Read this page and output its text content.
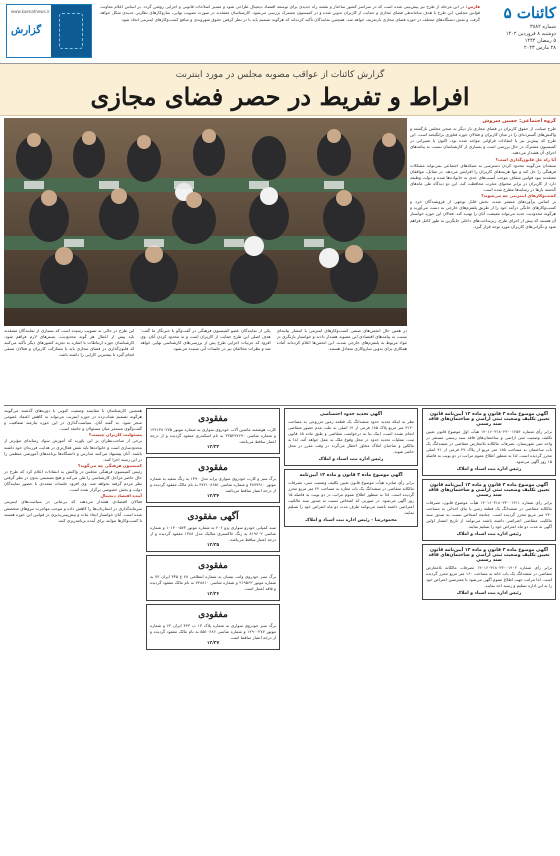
کائنات ۵
شماره ۳۸۸۲
دوشنبه ۸ فروردین ۱۴۰۲
۵ رمضان ۱۴۴۴
۲۸ مارس ۲۰۲۳
فارس: در این مرحله از طرح نیز پیش‌بینی شده است که در سراسر کشور ساختار و نقشه راه جدیدی برای توسعه اقتصاد دیجیتال طراحی شود و مسیر اصلاحات قانونی و اجرایی روشن گردد. بر اساس اعلام معاونت قوانین مجلس، این طرح با هدف ساماندهی فضای مجازی و حمایت از کاربران تدوین شده و در کمیسیون مشترک بررسی می‌شود. کارشناسان معتقدند در صورت تصویب نهایی، سازوکارهای نظارتی جدیدی شکل خواهد گرفت و نقش دستگاه‌های مختلف در حوزه فضای مجازی بازتعریف خواهد شد. همچنین نمایندگان تأکید کرده‌اند که هرگونه تصمیم باید با در نظر گرفتن حقوق شهروندی و منافع کسب‌وکارهای اینترنتی اتخاذ شود.
www.kaenatnews.ir
گزارش
گزارش کائنات از عواقب مصوبه مجلس در مورد اینترنت
افراط و تفریط در حصر فضای مجازی
گروه اجتماعی: حسین سروش

طرح صیانت از حقوق کاربران در فضای مجازی بار دیگر به صحن مجلس بازگشته و واکنش‌های گسترده‌ای را در میان کاربران و فعالان حوزه فناوری برانگیخته است. این طرح که پیش‌تر نیز با انتقادات فراوانی مواجه شده بود، اکنون با تغییراتی در کمیسیون مشترک در حال بررسی است و بسیاری از کارشناسان نسبت به پیامدهای اجرای آن هشدار می‌دهند.

آیا راه حل قانون‌گذاری است؟

منتقدان می‌گویند محدود کردن دسترسی به شبکه‌های اجتماعی نمی‌تواند مشکلات فرهنگی را حل کند و تنها هزینه‌های کاربران را افزایش می‌دهد. در مقابل، موافقان معتقدند نبود قوانین شفاف موجب آسیب‌های جدی به خانواده‌ها شده و دولت وظیفه دارد از کاربران در برابر محتوای مخرب محافظت کند. این دو دیدگاه طی ماه‌های گذشته بارها در رسانه‌ها مطرح شده است.

کسب‌وکارهای اینترنتی چه می‌شوند؟

بر اساس برآوردهای منتشر شده، بخش قابل توجهی از فروشندگان خرد و کسب‌وکارهای خانگی درآمد خود را از طریق پلتفرم‌های خارجی به دست می‌آورند و هرگونه محدودیت جدید می‌تواند معیشت آنان را تهدید کند. فعالان این حوزه خواستار آن هستند که پیش از اجرای طرح، زیرساخت‌های داخلی جایگزین به طور کامل فراهم شود و نگرانی‌های کاربران مورد توجه قرار گیرد.

این طرح در حالی به تصویب رسیده است که بسیاری از نمایندگان معتقدند باید پیش از اعمال هر گونه محدودیت، بسترهای لازم فراهم شود. کارشناسان حوزه ارتباطات با اشاره به تجربه کشورهای دیگر تأکید می‌کنند که قانون‌گذاری در فضای مجازی باید با مشارکت کاربران و فعالان صنفی انجام گیرد تا بیشترین کارایی را داشته باشد.
یکی از نمایندگان عضو کمیسیون فرهنگی در گفت‌وگو با خبرنگار ما گفت: هدف اصلی این طرح حمایت از کاربران است و نه محدود کردن آنان. وی افزود که جزئیات اجرایی طرح پس از بررسی‌های کارشناسی نهایی خواهد شد و نظرات مخالفان نیز در جلسات آتی شنیده می‌شود.
در همین حال انجمن‌های صنفی کسب‌وکارهای اینترنتی با انتشار بیانیه‌ای نسبت به پیامدهای اقتصادی این مصوبه هشدار دادند و خواستار بازنگری در مواد مربوط به پلتفرم‌های خارجی شدند. این انجمن‌ها اعلام کرده‌اند آماده همکاری برای تدوین سازوکاری متعادل هستند.
آگهی موضوع ماده ۳ قانون و ماده ۱۳ آیین‌نامه قانون تعیین تکلیف وضعیت ثبتی اراضی و ساختمان‌های فاقد سند رسمی
برابر رأی شماره ۱۴۰۱۶۰۳۱۸۰۲۳۰۰۱۲۵۴ هیأت اول موضوع قانون تعیین تکلیف وضعیت ثبتی اراضی و ساختمان‌های فاقد سند رسمی مستقر در واحد ثبتی شهرستان، تصرفات مالکانه بلامعارض متقاضی در ششدانگ یک باب ساختمان به مساحت ۱۸۵ متر مربع از پلاک ۲۷ فرعی از ۴۱ اصلی محرز گردیده است. لذا به منظور اطلاع عموم مراتب در دو نوبت به فاصله ۱۵ روز آگهی می‌شود.
رئیس اداره ثبت اسناد و املاک
آگهی موضوع ماده ۳ قانون و ماده ۱۳ آیین‌نامه قانون تعیین تکلیف وضعیت ثبتی اراضی و ساختمان‌های فاقد سند رسمی
برابر رأی شماره ۱۴۰۱۶۰۳۱۸۰۲۳۰۰۱۳۱۱ هیأت موضوع قانون، تصرفات مالکانه متقاضی در ششدانگ یک قطعه زمین با بنای احداثی به مساحت ۲۴۰ متر مربع محرز گردیده است. چنانچه اشخاص نسبت به صدور سند مالکیت متقاضی اعتراضی داشته باشند می‌توانند از تاریخ انتشار اولین آگهی به مدت دو ماه اعتراض خود را تسلیم نمایند.
رئیس اداره ثبت اسناد و املاک
آگهی موضوع ماده ۳ قانون و ماده ۱۳ آیین‌نامه قانون تعیین تکلیف وضعیت ثبتی اراضی و ساختمان‌های فاقد سند رسمی
برابر رأی شماره ۱۴۰۱۶۰۳۱۸۰۲۳۰۰۱۴۰۲ تصرفات مالکانه بلامعارض متقاضی در ششدانگ یک باب خانه به مساحت ۱۶۰ متر مربع محرز گردیده است. لذا مراتب جهت اطلاع عموم آگهی می‌شود تا معترضین اعتراض خود را به این اداره تسلیم و رسید اخذ نمایند.
رئیس اداره ثبت اسناد و املاک
آگهی تحدید حدود اختصاصی
نظر به اینکه تحدید حدود ششدانگ یک قطعه زمین مزروعی به مساحت ۳۱۲۰ متر مربع پلاک ۱۸۵ فرعی از ۱۲ اصلی به علت عدم حضور متقاضی انجام نشده است، اینک بنا به درخواست متقاضی و طبق ماده ۱۵ قانون ثبت، عملیات تحدید حدود در محل وقوع ملک به عمل خواهد آمد. لذا به مالکین و صاحبان املاک مجاور اخطار می‌گردد در وقت مقرر در محل حاضر شوند.
رئیس اداره ثبت اسناد و املاک
آگهی موضوع ماده ۳ قانون و ماده ۱۳ آیین‌نامه
برابر رأی صادره هیأت موضوع قانون تعیین تکلیف وضعیت ثبتی، تصرفات مالکانه متقاضی در ششدانگ یک باب مغازه به مساحت ۴۲ متر مربع محرز گردیده است. لذا به منظور اطلاع عموم مراتب در دو نوبت به فاصله ۱۵ روز آگهی می‌شود. در صورتی که اشخاص نسبت به صدور سند مالکیت اعتراضی داشته باشند می‌توانند ظرف مدت دو ماه اعتراض خود را تسلیم نمایند.
محمودرضا - رئیس اداره ثبت اسناد و املاک
مفقودی
کارت هوشمند ماشین آلات خودروی سواری به شماره موتور ۱۲۴۱۳۸۰۲۷۵ و شماره شاسی ۳۲۵۲۷۷۶۹۰ به نام اسکندری مفقود گردیده و از درجه اعتبار ساقط می‌باشد.
۱۲/۳۳
مفقودی
برگ سبز و کارت خودروی سواری پراید مدل ۱۳۹۰ به رنگ سفید به شماره موتور ۳۸۷۷۹۱۰ و شماره شاسی ۴۷۲۱۰۸۶۵۱ به نام مالک مفقود گردیده و از درجه اعتبار ساقط می‌باشد.
۱۲/۳۴
آگهی مفقودی
سند کمپانی خودرو سواری پژو ۲۰۶ به شماره موتور ۱۰۱۴۰۰۵۷۳ و شماره شاسی ۸۱۹۶۰۲ به رنگ خاکستری متالیک مدل ۱۳۸۸ مفقود گردیده و از درجه اعتبار ساقط می‌باشد.
۱۲/۳۵
مفقودی
برگ سبز خودروی وانت نیسان به شماره انتظامی ۴۸ ع ۳۳۵ ایران ۷۲ به شماره موتور ۲۱۹۵۶۳ و شماره شاسی ۷۴۸۸۱۰ به نام مالک مفقود گردیده و فاقد اعتبار است.
۱۲/۳۶
مفقودی
برگ سبز خودروی سواری به شماره پلاک ۱۳ ب ۳۴۳ ایران ۶۲ و شماره موتور ۱۲۹۰۰۲۷۷ و شماره شاسی ۵۵۱۰۶۸۶ به نام مالک مفقود گردیده و از درجه اعتبار ساقط است.
۱۲/۳۷

همچنین کارشناسان با مقایسه وضعیت کنونی با دوره‌های گذشته می‌گویند هرگونه تصمیم شتاب‌زده در حوزه اینترنت می‌تواند به کاهش اعتماد عمومی منجر شود. به گفته آنان، سیاست‌گذاری در این حوزه نیازمند شفافیت و گفت‌وگوی مستمر میان مسئولان و جامعه است.

مسئولیت کاربران چیست؟

برخی از صاحب‌نظران بر این باورند که آموزش سواد رسانه‌ای مؤثرتر از محدودسازی است و خانواده‌ها باید نقش فعال‌تری در هدایت فرزندان خود داشته باشند. آنان پیشنهاد می‌کنند مدارس و دانشگاه‌ها برنامه‌های آموزشی منظمی را در این زمینه اجرا کنند.

کمیسیون فرهنگی چه می‌گوید؟

رئیس کمیسیون فرهنگی مجلس در واکنش به انتقادات اعلام کرد که طرح در حال حاضر مراحل کارشناسی را طی می‌کند و هیچ تصمیمی بدون در نظر گرفتن نظر مردم گرفته نخواهد شد. وی افزود جلسات متعددی با حضور نمایندگان دولت و بخش خصوصی برگزار شده است.

آینده اقتصاد دیجیتال

فعالان اقتصادی هشدار می‌دهند که بی‌ثباتی در سیاست‌های اینترنتی سرمایه‌گذاری در استارتاپ‌ها را کاهش داده و موجب مهاجرت نیروهای متخصص شده است. آنان خواستار ایجاد ثبات و پیش‌بینی‌پذیری در قوانین این حوزه هستند تا کسب‌وکارها بتوانند برای آینده برنامه‌ریزی کنند.
